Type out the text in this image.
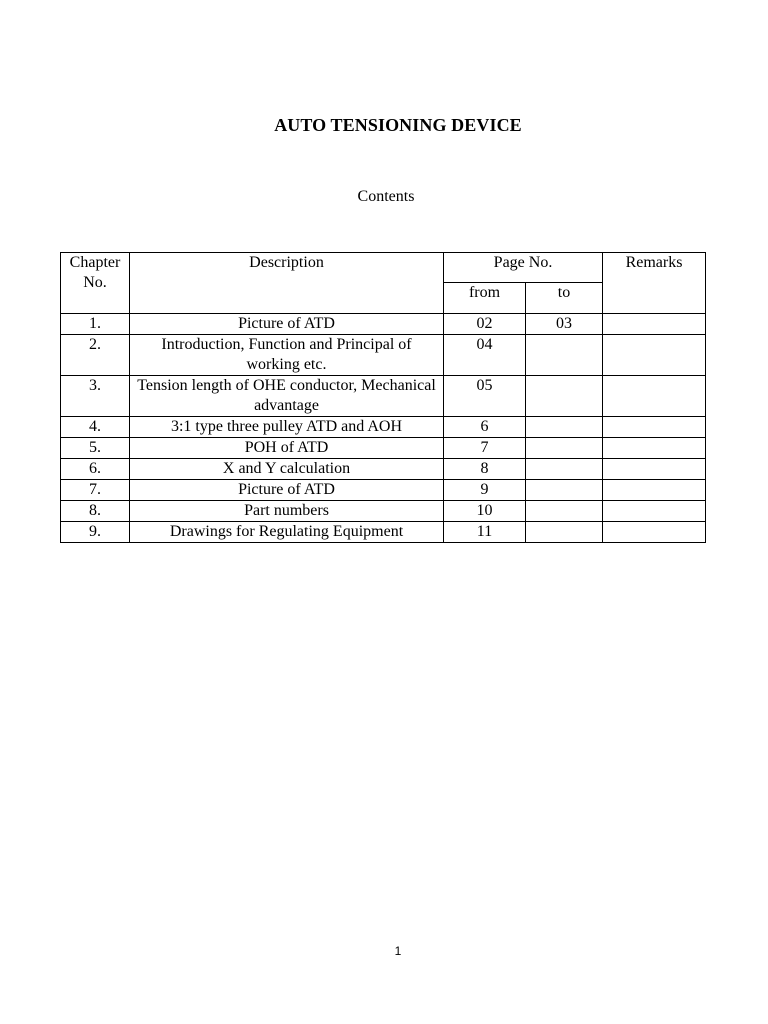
AUTO TENSIONING DEVICE
Contents
Chapter No.	Description	Page No.		Remarks
		from	to	
1.	Picture of ATD	02	03	
2.	Introduction, Function and Principal of working etc.	04		
3.	Tension length of OHE conductor, Mechanical advantage	05		
4.	3:1 type three pulley ATD and AOH	6		
5.	POH of ATD	7		
6.	X and Y calculation	8		
7.	Picture of ATD	9		
8.	Part numbers	10		
9.	Drawings for Regulating Equipment	11		
1
